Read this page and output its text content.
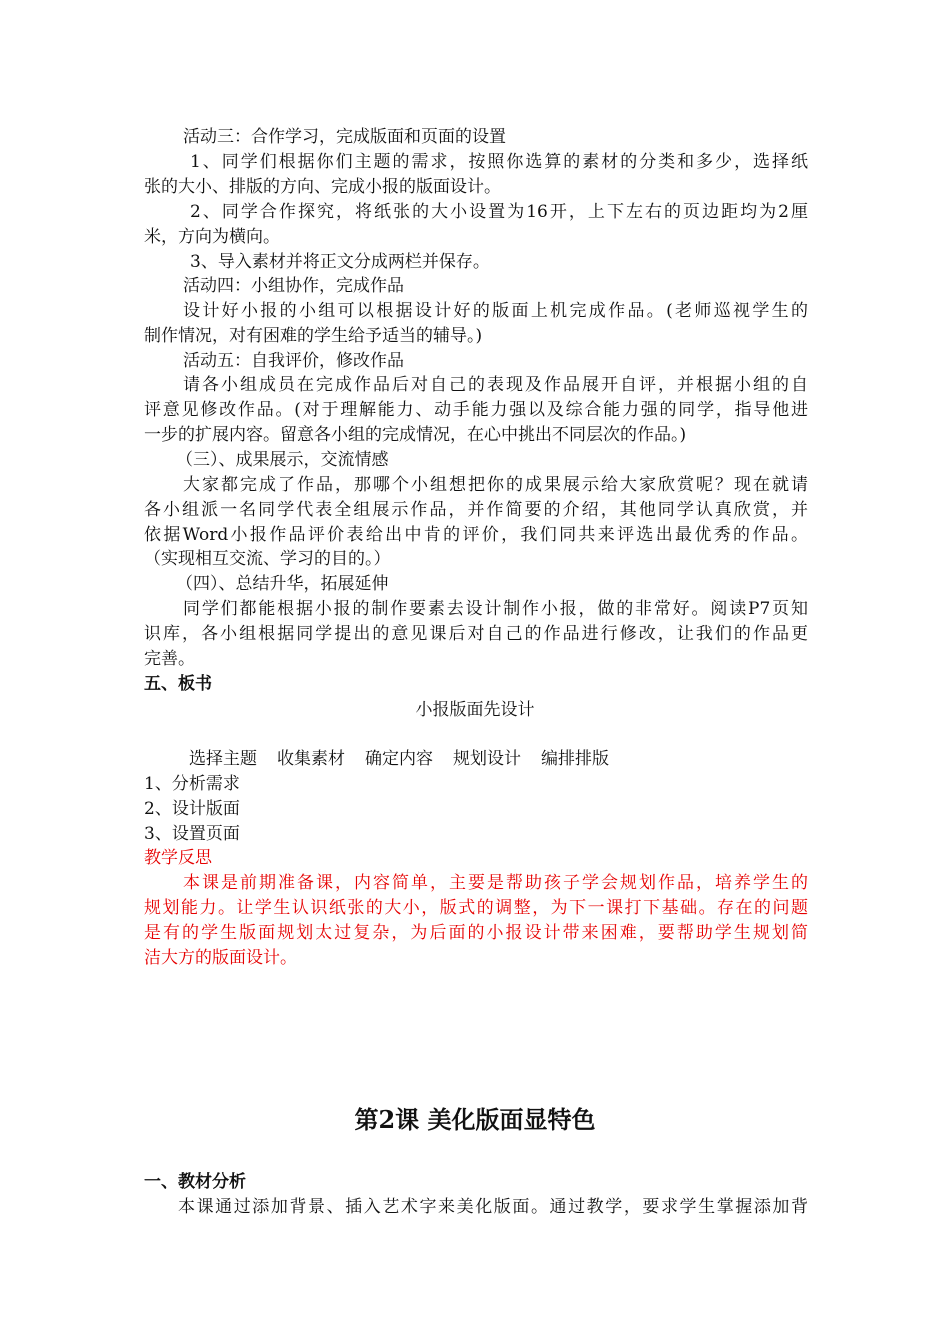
活动三：合作学习，完成版面和页面的设置
1、同学们根据你们主题的需求，按照你选算的素材的分类和多少，选择纸
张的大小、排版的方向、完成小报的版面设计。
2、同学合作探究，将纸张的大小设置为16开，上下左右的页边距均为2厘
米，方向为横向。
3、导入素材并将正文分成两栏并保存。
活动四：小组协作，完成作品
设计好小报的小组可以根据设计好的版面上机完成作品。(老师巡视学生的
制作情况，对有困难的学生给予适当的辅导。)
活动五：自我评价，修改作品
请各小组成员在完成作品后对自己的表现及作品展开自评，并根据小组的自
评意见修改作品。(对于理解能力、动手能力强以及综合能力强的同学，指导他进
一步的扩展内容。留意各小组的完成情况，在心中挑出不同层次的作品。)
（三）、成果展示，交流情感
大家都完成了作品，那哪个小组想把你的成果展示给大家欣赏呢？现在就请
各小组派一名同学代表全组展示作品，并作简要的介绍，其他同学认真欣赏，并
依据Word小报作品评价表给出中肯的评价，我们同共来评选出最优秀的作品。
（实现相互交流、学习的目的。）
（四）、总结升华，拓展延伸
同学们都能根据小报的制作要素去设计制作小报，做的非常好。阅读P7页知
识库，各小组根据同学提出的意见课后对自己的作品进行修改，让我们的作品更
完善。
五、板书
小报版面先设计
选择主题 收集素材 确定内容 规划设计 编排排版
1、分析需求
2、设计版面
3、设置页面
教学反思
本课是前期准备课，内容简单，主要是帮助孩子学会规划作品，培养学生的
规划能力。让学生认识纸张的大小，版式的调整，为下一课打下基础。存在的问题
是有的学生版面规划太过复杂，为后面的小报设计带来困难，要帮助学生规划简
洁大方的版面设计。
第2课 美化版面显特色
一、教材分析
本课通过添加背景、插入艺术字来美化版面。通过教学，要求学生掌握添加背
